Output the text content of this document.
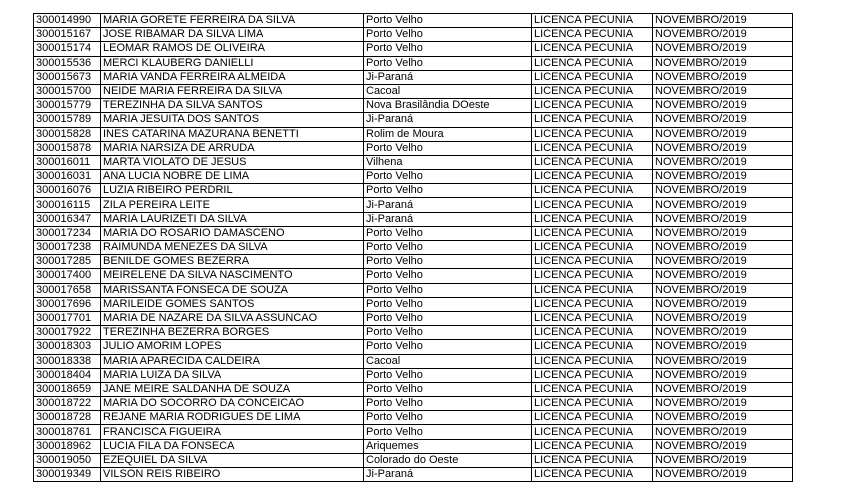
300014990	MARIA GORETE FERREIRA DA SILVA	Porto Velho	LICENCA PECUNIA	NOVEMBRO/2019
300015167	JOSE RIBAMAR DA SILVA LIMA	Porto Velho	LICENCA PECUNIA	NOVEMBRO/2019
300015174	LEOMAR RAMOS DE OLIVEIRA	Porto Velho	LICENCA PECUNIA	NOVEMBRO/2019
300015536	MERCI KLAUBERG DANIELLI	Porto Velho	LICENCA PECUNIA	NOVEMBRO/2019
300015673	MARIA VANDA FERREIRA ALMEIDA	Ji-Paraná	LICENCA PECUNIA	NOVEMBRO/2019
300015700	NEIDE MARIA FERREIRA DA SILVA	Cacoal	LICENCA PECUNIA	NOVEMBRO/2019
300015779	TEREZINHA DA SILVA SANTOS	Nova Brasilândia DOeste	LICENCA PECUNIA	NOVEMBRO/2019
300015789	MARIA JESUITA DOS SANTOS	Ji-Paraná	LICENCA PECUNIA	NOVEMBRO/2019
300015828	INES CATARINA MAZURANA BENETTI	Rolim de Moura	LICENCA PECUNIA	NOVEMBRO/2019
300015878	MARIA NARSIZA DE ARRUDA	Porto Velho	LICENCA PECUNIA	NOVEMBRO/2019
300016011	MARTA VIOLATO DE JESUS	Vilhena	LICENCA PECUNIA	NOVEMBRO/2019
300016031	ANA LUCIA NOBRE DE LIMA	Porto Velho	LICENCA PECUNIA	NOVEMBRO/2019
300016076	LUZIA RIBEIRO PERDRIL	Porto Velho	LICENCA PECUNIA	NOVEMBRO/2019
300016115	ZILA PEREIRA LEITE	Ji-Paraná	LICENCA PECUNIA	NOVEMBRO/2019
300016347	MARIA LAURIZETI DA SILVA	Ji-Paraná	LICENCA PECUNIA	NOVEMBRO/2019
300017234	MARIA DO ROSARIO DAMASCENO	Porto Velho	LICENCA PECUNIA	NOVEMBRO/2019
300017238	RAIMUNDA MENEZES DA SILVA	Porto Velho	LICENCA PECUNIA	NOVEMBRO/2019
300017285	BENILDE GOMES BEZERRA	Porto Velho	LICENCA PECUNIA	NOVEMBRO/2019
300017400	MEIRELENE DA SILVA NASCIMENTO	Porto Velho	LICENCA PECUNIA	NOVEMBRO/2019
300017658	MARISSANTA FONSECA DE SOUZA	Porto Velho	LICENCA PECUNIA	NOVEMBRO/2019
300017696	MARILEIDE GOMES SANTOS	Porto Velho	LICENCA PECUNIA	NOVEMBRO/2019
300017701	MARIA DE NAZARE DA SILVA ASSUNCAO	Porto Velho	LICENCA PECUNIA	NOVEMBRO/2019
300017922	TEREZINHA BEZERRA BORGES	Porto Velho	LICENCA PECUNIA	NOVEMBRO/2019
300018303	JULIO AMORIM LOPES	Porto Velho	LICENCA PECUNIA	NOVEMBRO/2019
300018338	MARIA APARECIDA CALDEIRA	Cacoal	LICENCA PECUNIA	NOVEMBRO/2019
300018404	MARIA LUIZA DA SILVA	Porto Velho	LICENCA PECUNIA	NOVEMBRO/2019
300018659	JANE MEIRE SALDANHA DE SOUZA	Porto Velho	LICENCA PECUNIA	NOVEMBRO/2019
300018722	MARIA DO SOCORRO DA CONCEICAO	Porto Velho	LICENCA PECUNIA	NOVEMBRO/2019
300018728	REJANE MARIA RODRIGUES DE LIMA	Porto Velho	LICENCA PECUNIA	NOVEMBRO/2019
300018761	FRANCISCA FIGUEIRA	Porto Velho	LICENCA PECUNIA	NOVEMBRO/2019
300018962	LUCIA FILA DA FONSECA	Ariquemes	LICENCA PECUNIA	NOVEMBRO/2019
300019050	EZEQUIEL DA SILVA	Colorado do Oeste	LICENCA PECUNIA	NOVEMBRO/2019
300019349	VILSON REIS RIBEIRO	Ji-Paraná	LICENCA PECUNIA	NOVEMBRO/2019
